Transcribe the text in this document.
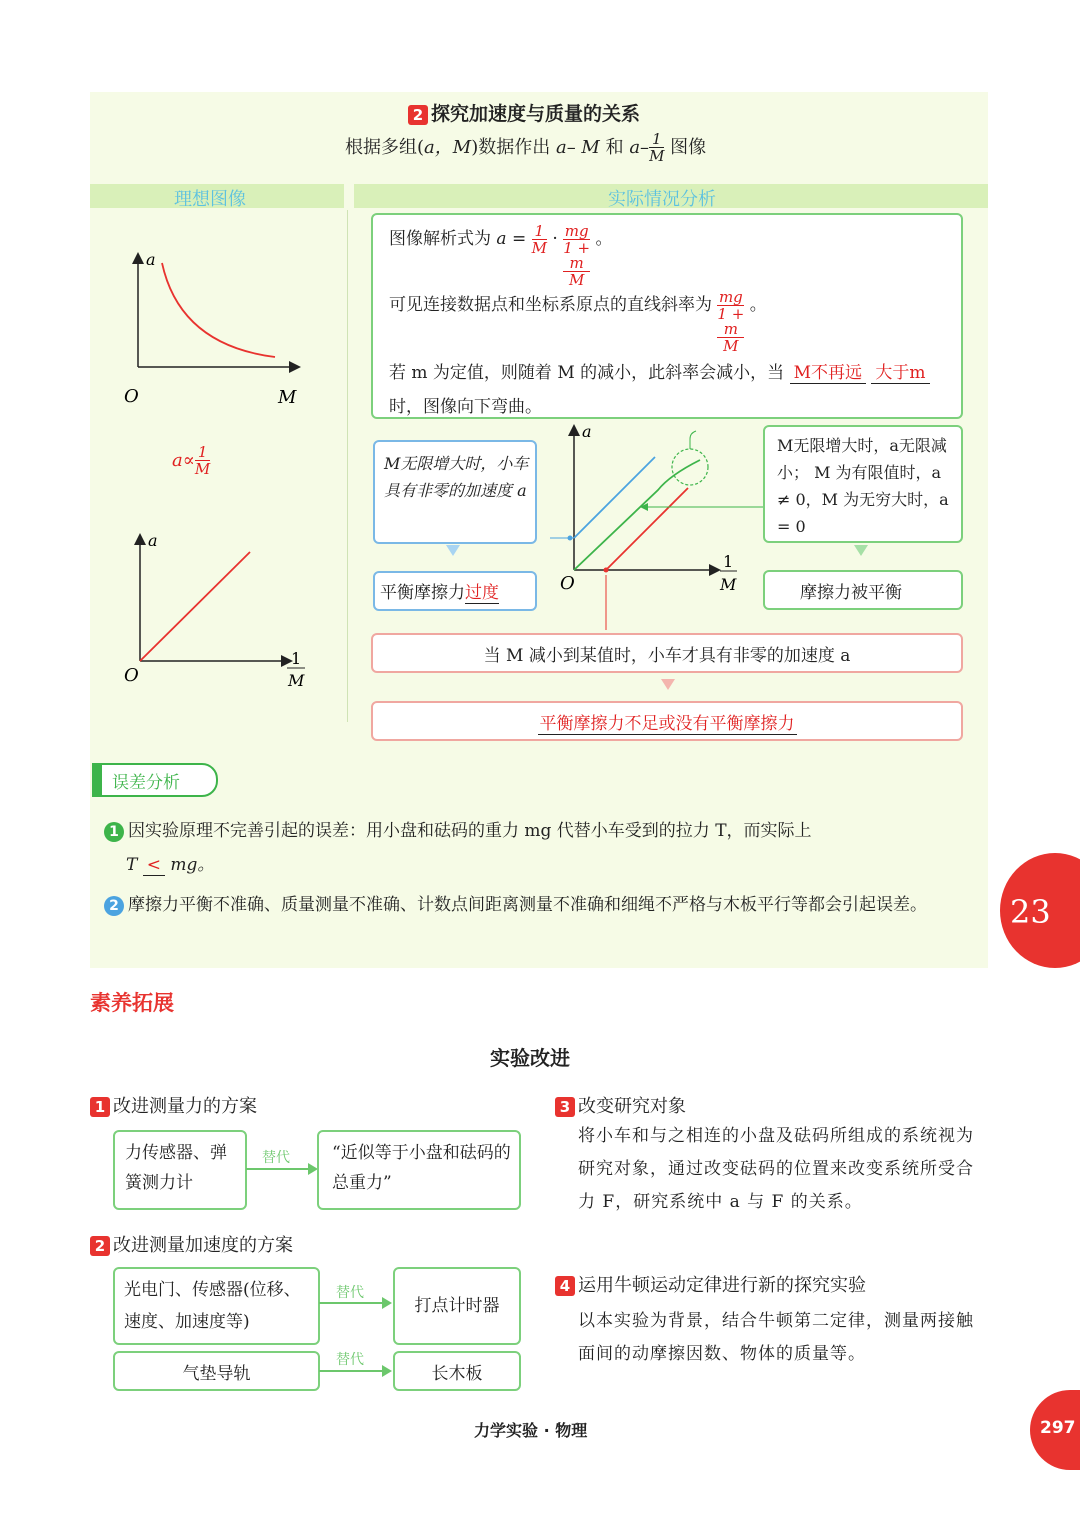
2 探究加速度与质量的关系
根据多组(a，M)数据作出 a– M 和 $a- \frac{1}{M}$ 图像
理想图像	实际情况分析
a
O	M
$a\propto \frac{1}{M}$
a
O
1
M
图像解析式为 $a = \frac{1}{M}$ · mg
1 +
m
M 。
可见连接数据点和坐标系原点的直线斜率为 mg
1 +
m
M 。
若 m 为定值，则随着 M 的减小，此斜率会减小，当 M不再远 大于m时，图像向下弯曲。
M无限增大时，小车具有非零的加速度 a
平衡摩擦力过度
M无限增大时，a无限减小； M 为有限值时，a ≠ 0，M 为无穷大时，a = 0
摩擦力被平衡
a
O
1
M
当 M 减小到某值时，小车才具有非零的加速度 a
平衡摩擦力不足或没有平衡摩擦力
误差分析
1 因实验原理不完善引起的误差：用小盘和砝码的重力 mg 代替小车受到的拉力 T，而实际上
T < mg。
2 摩擦力平衡不准确、质量测量不准确、计数点间距离测量不准确和细绳不严格与木板平行等都会引起误差。	23
素养拓展
实验改进
1 改进测量力的方案
力传感器、弹簧测力计
替代 “近似等于小盘和砝码的总重力”
2 改进测量加速度的方案
光电门、传感器(位移、速度、加速度等)
替代
打点计时器
气垫导轨
替代
长木板
3 改变研究对象
将小车和与之相连的小盘及砝码所组成的系统视为研究对象，通过改变砝码的位置来改变系统所受合力 F，研究系统中 a 与 F 的关系。
4 运用牛顿运动定律进行新的探究实验
以本实验为背景，结合牛顿第二定律，测量两接触面间的动摩擦因数、物体的质量等。
力学实验 · 物理	297
